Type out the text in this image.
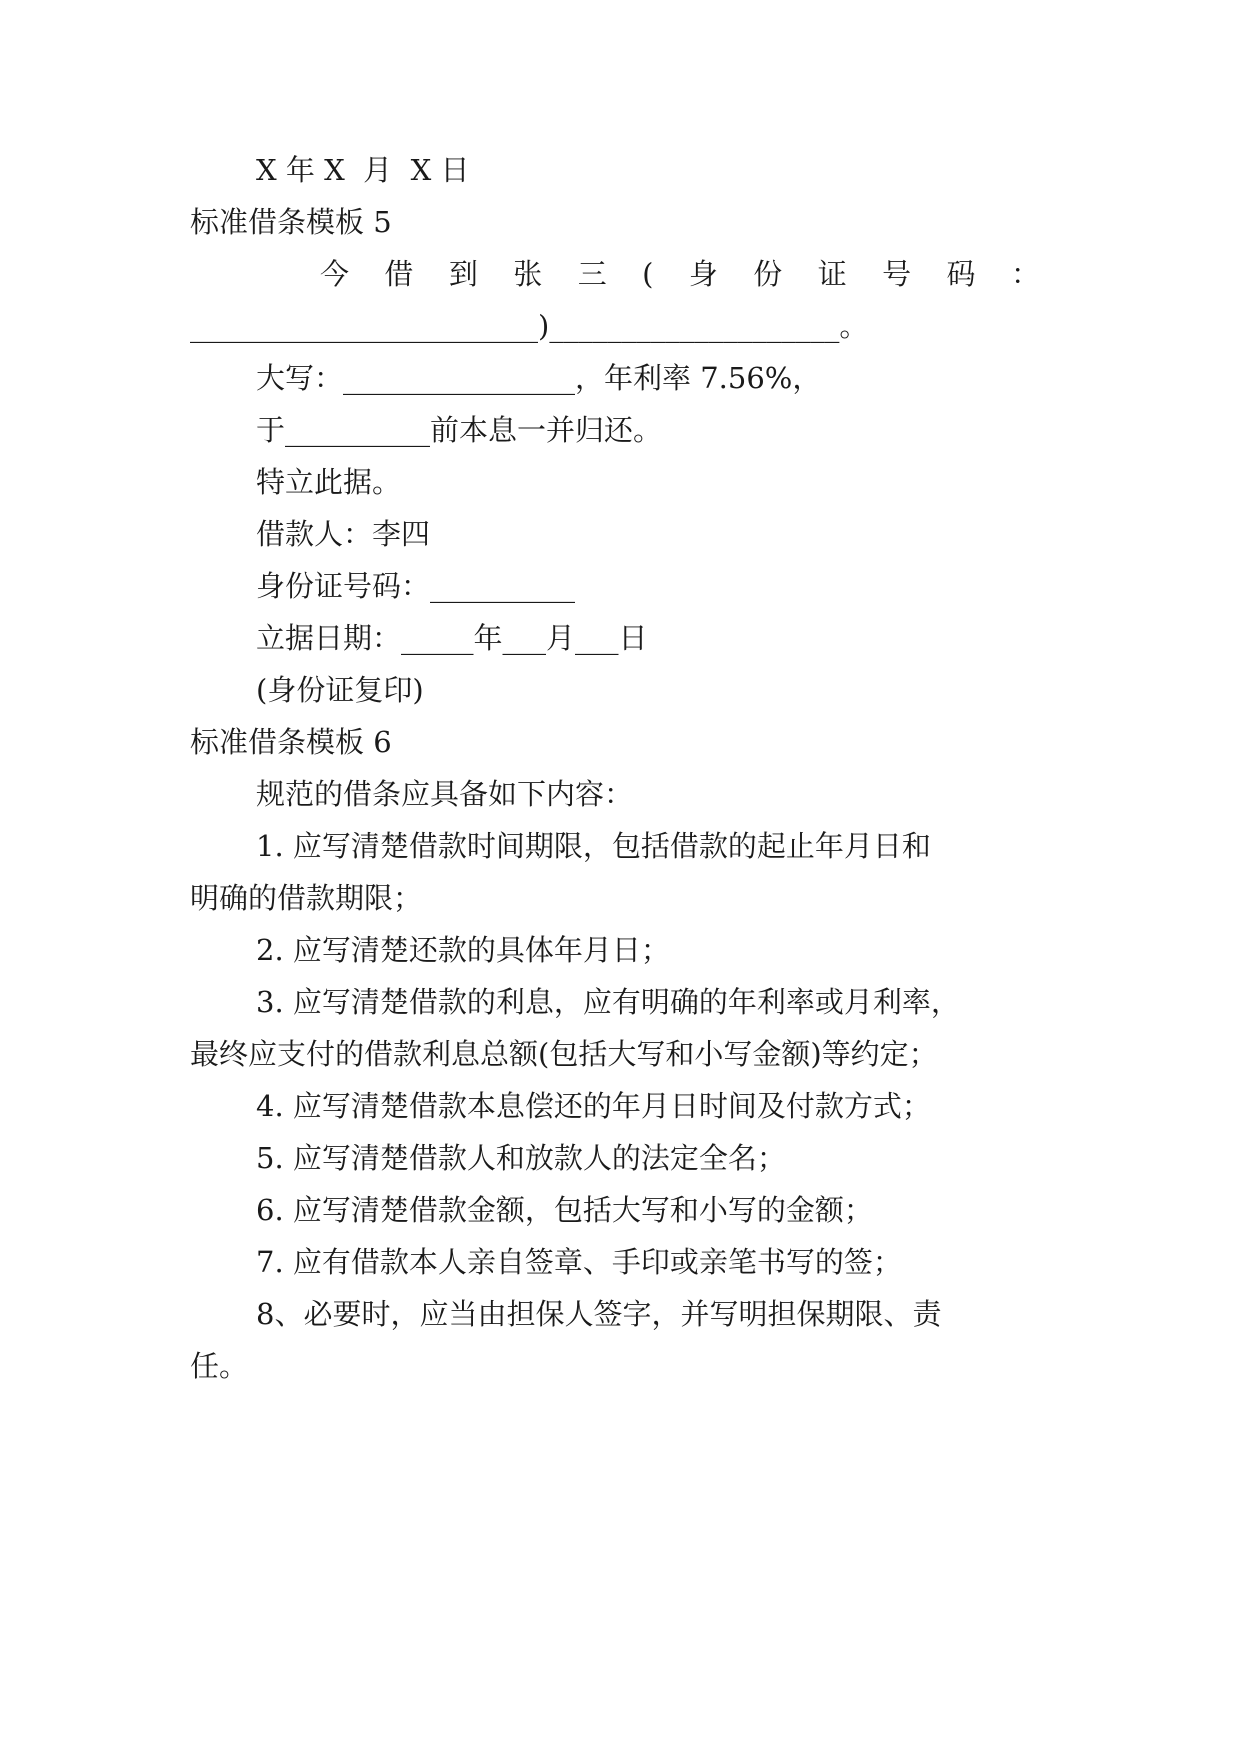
X 年 X  月  X 日
标准借条模板 5
今 借 到 张 三 ( 身 份 证 号 码 ：
________________________)____________________。
大写：________________，年利率 7.56%，
于__________前本息一并归还。
特立此据。
借款人：李四
身份证号码：__________
立据日期：_____年___月___日
(身份证复印)
标准借条模板 6
规范的借条应具备如下内容：
1. 应写清楚借款时间期限，包括借款的起止年月日和
明确的借款期限；
2. 应写清楚还款的具体年月日；
3. 应写清楚借款的利息，应有明确的年利率或月利率，
最终应支付的借款利息总额(包括大写和小写金额)等约定；
4. 应写清楚借款本息偿还的年月日时间及付款方式；
5. 应写清楚借款人和放款人的法定全名；
6. 应写清楚借款金额，包括大写和小写的金额；
7. 应有借款本人亲自签章、手印或亲笔书写的签；
8、必要时，应当由担保人签字，并写明担保期限、责
任。
